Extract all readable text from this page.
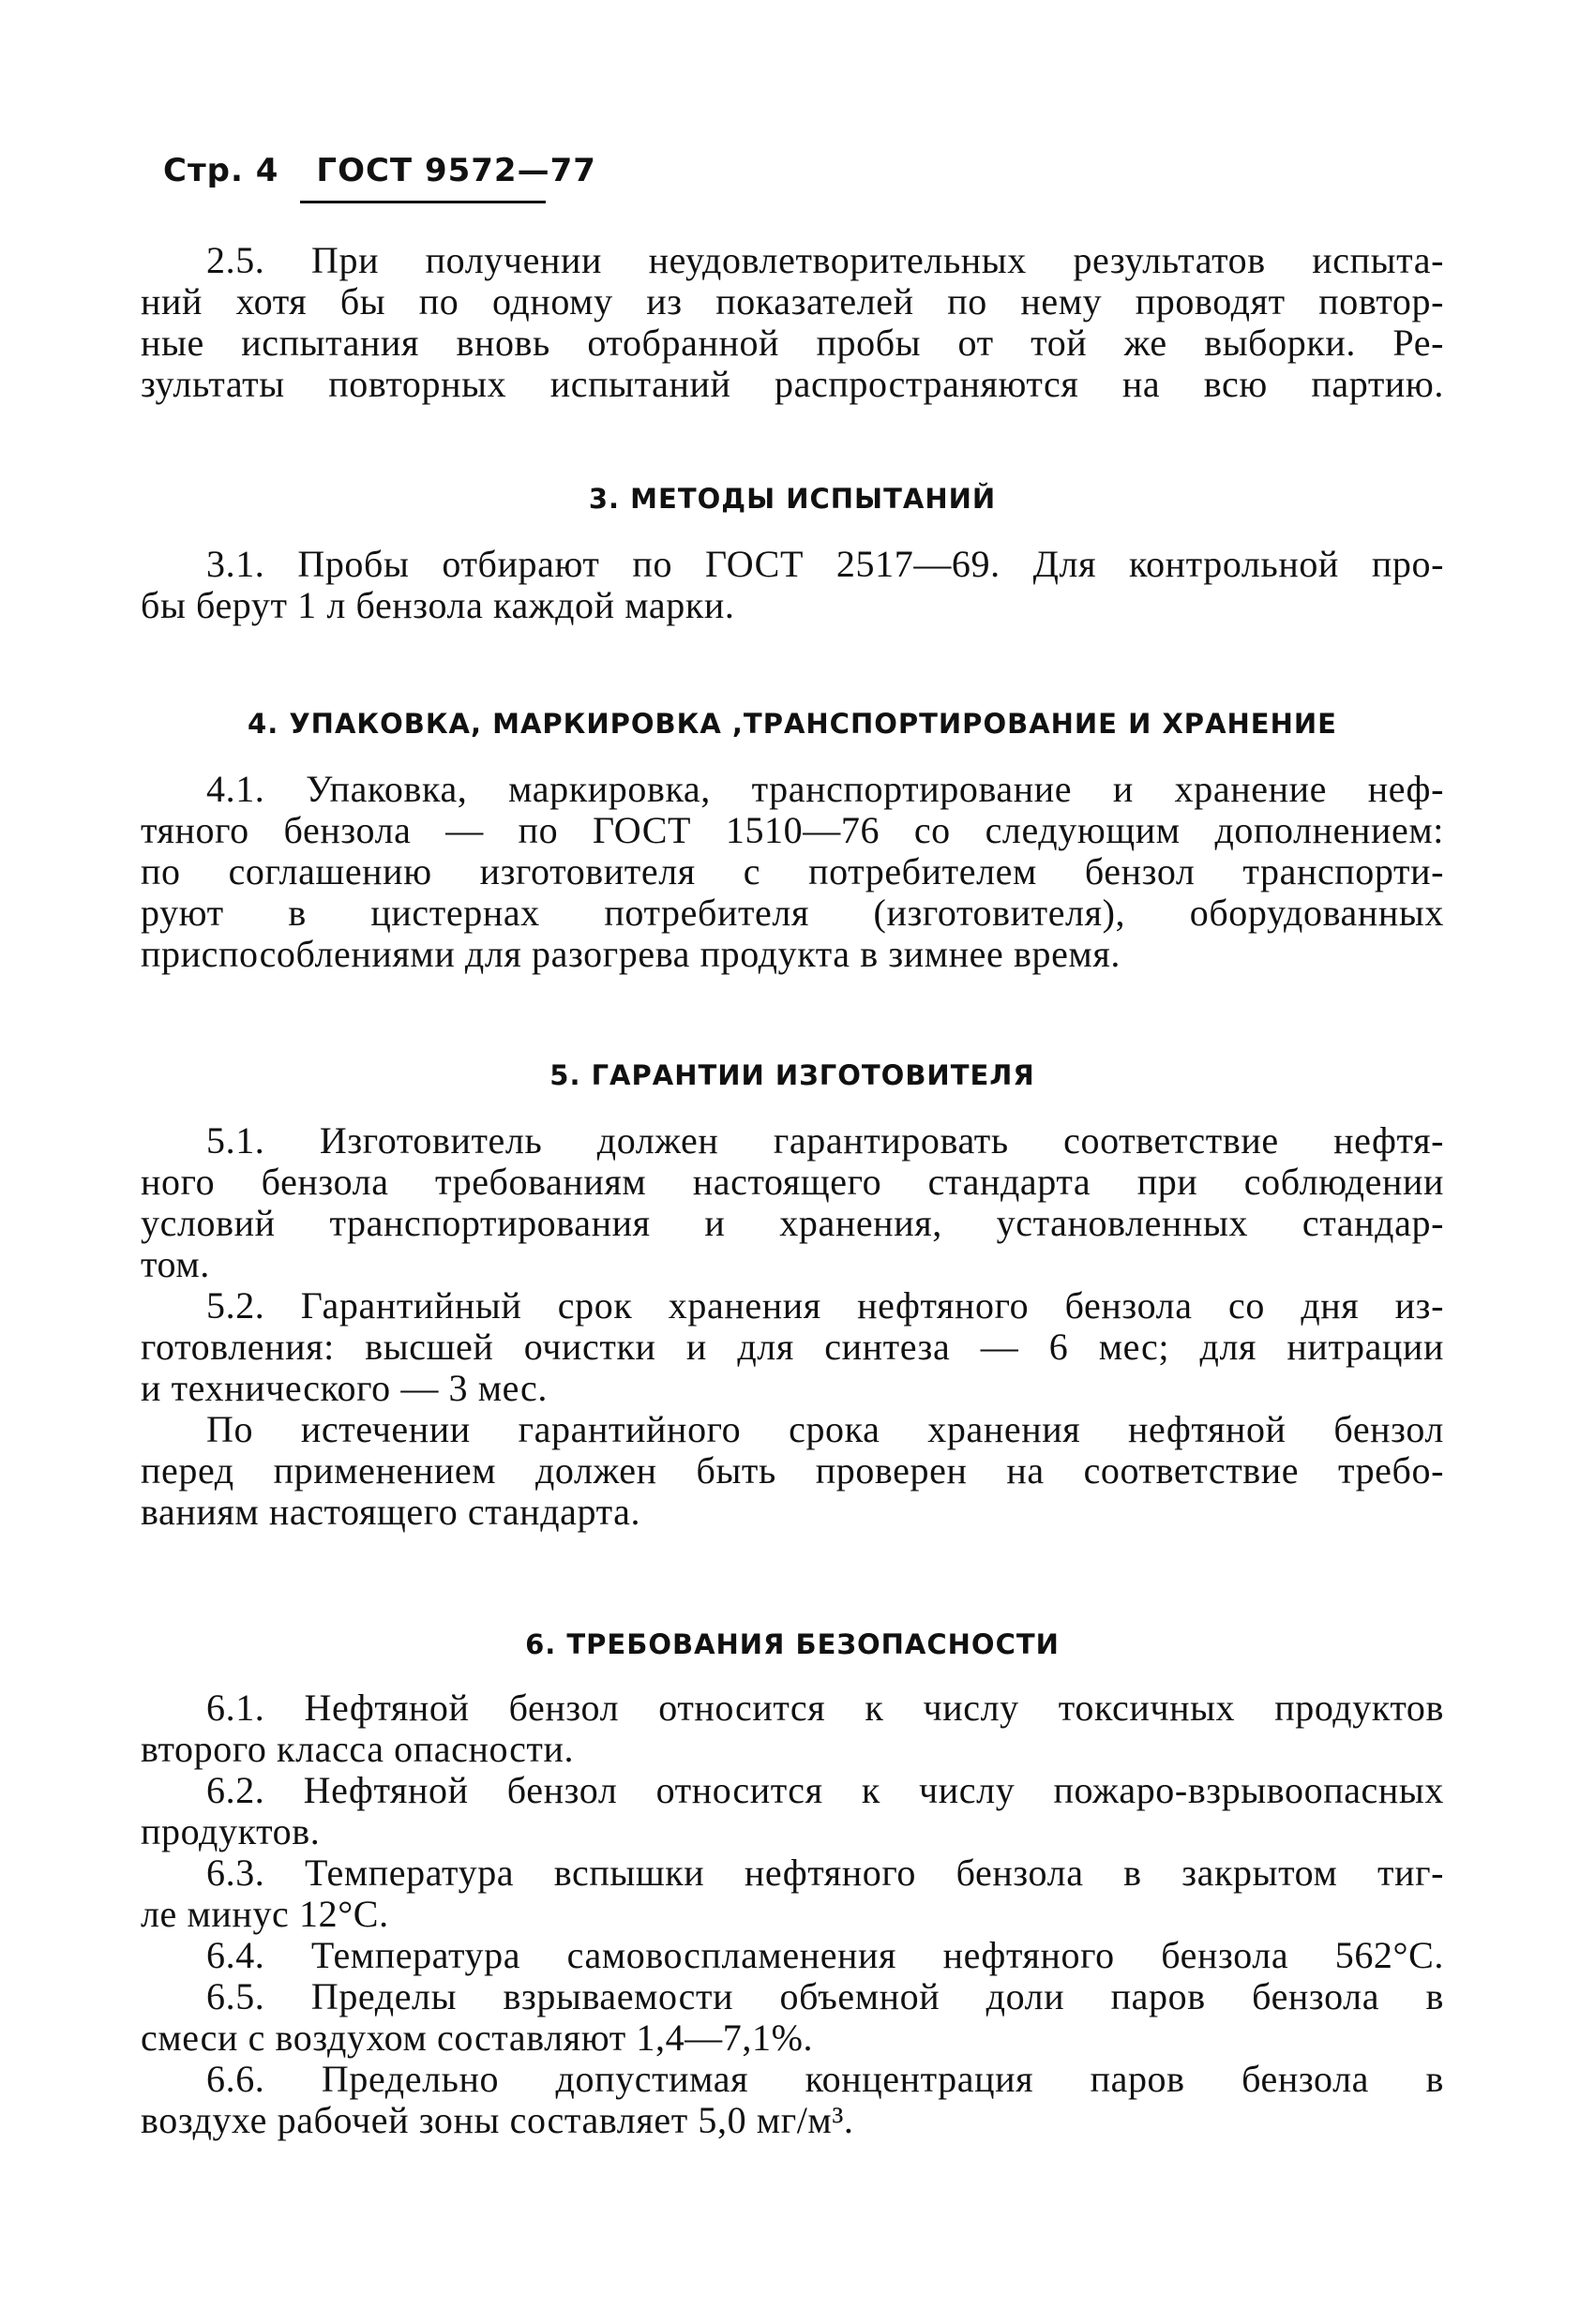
Стр. 4 ГОСТ 9572—77
2.5. При получении неудовлетворительных результатов испыта-
ний хотя бы по одному из показателей по нему проводят повтор-
ные испытания вновь отобранной пробы от той же выборки. Ре-
зультаты повторных испытаний распространяются на всю партию.
3. МЕТОДЫ ИСПЫТАНИЙ
3.1. Пробы отбирают по ГОСТ 2517—69. Для контрольной про-
бы берут 1 л бензола каждой марки.
4. УПАКОВКА, МАРКИРОВКА ,ТРАНСПОРТИРОВАНИЕ И ХРАНЕНИЕ
4.1. Упаковка, маркировка, транспортирование и хранение неф-
тяного бензола — по ГОСТ 1510—76 со следующим дополнением:
по соглашению изготовителя с потребителем бензол транспорти-
руют в цистернах потребителя (изготовителя), оборудованных
приспособлениями для разогрева продукта в зимнее время.
5. ГАРАНТИИ ИЗГОТОВИТЕЛЯ
5.1. Изготовитель должен гарантировать соответствие нефтя-
ного бензола требованиям настоящего стандарта при соблюдении
условий транспортирования и хранения, установленных стандар-
том.
5.2. Гарантийный срок хранения нефтяного бензола со дня из-
готовления: высшей очистки и для синтеза — 6 мес; для нитрации
и технического — 3 мес.
По истечении гарантийного срока хранения нефтяной бензол
перед применением должен быть проверен на соответствие требо-
ваниям настоящего стандарта.
6. ТРЕБОВАНИЯ БЕЗОПАСНОСТИ
6.1. Нефтяной бензол относится к числу токсичных продуктов
второго класса опасности.
6.2. Нефтяной бензол относится к числу пожаро-взрывоопасных
продуктов.
6.3. Температура вспышки нефтяного бензола в закрытом тиг-
ле минус 12°С.
6.4. Температура самовоспламенения нефтяного бензола 562°С.
6.5. Пределы взрываемости объемной доли паров бензола в
смеси с воздухом составляют 1,4—7,1%.
6.6. Предельно допустимая концентрация паров бензола в
воздухе рабочей зоны составляет 5,0 мг/м³.
